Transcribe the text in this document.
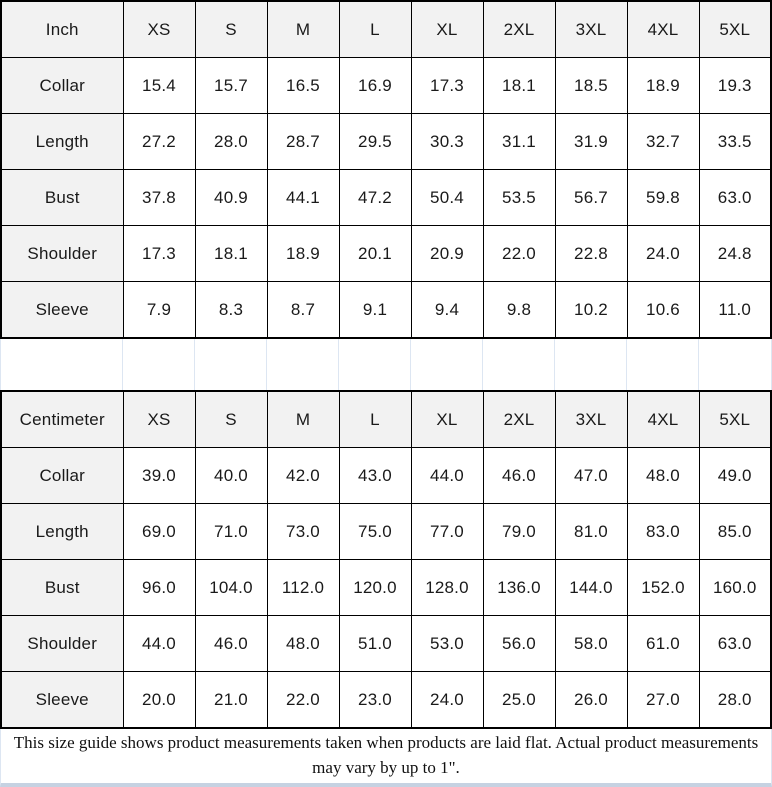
Inch	XS	S	M	L	XL	2XL	3XL	4XL	5XL
Collar	15.4	15.7	16.5	16.9	17.3	18.1	18.5	18.9	19.3
Length	27.2	28.0	28.7	29.5	30.3	31.1	31.9	32.7	33.5
Bust	37.8	40.9	44.1	47.2	50.4	53.5	56.7	59.8	63.0
Shoulder	17.3	18.1	18.9	20.1	20.9	22.0	22.8	24.0	24.8
Sleeve	7.9	8.3	8.7	9.1	9.4	9.8	10.2	10.6	11.0
Centimeter	XS	S	M	L	XL	2XL	3XL	4XL	5XL
Collar	39.0	40.0	42.0	43.0	44.0	46.0	47.0	48.0	49.0
Length	69.0	71.0	73.0	75.0	77.0	79.0	81.0	83.0	85.0
Bust	96.0	104.0	112.0	120.0	128.0	136.0	144.0	152.0	160.0
Shoulder	44.0	46.0	48.0	51.0	53.0	56.0	58.0	61.0	63.0
Sleeve	20.0	21.0	22.0	23.0	24.0	25.0	26.0	27.0	28.0
This size guide shows product measurements taken when products are laid flat. Actual product measurements may vary by up to 1".
